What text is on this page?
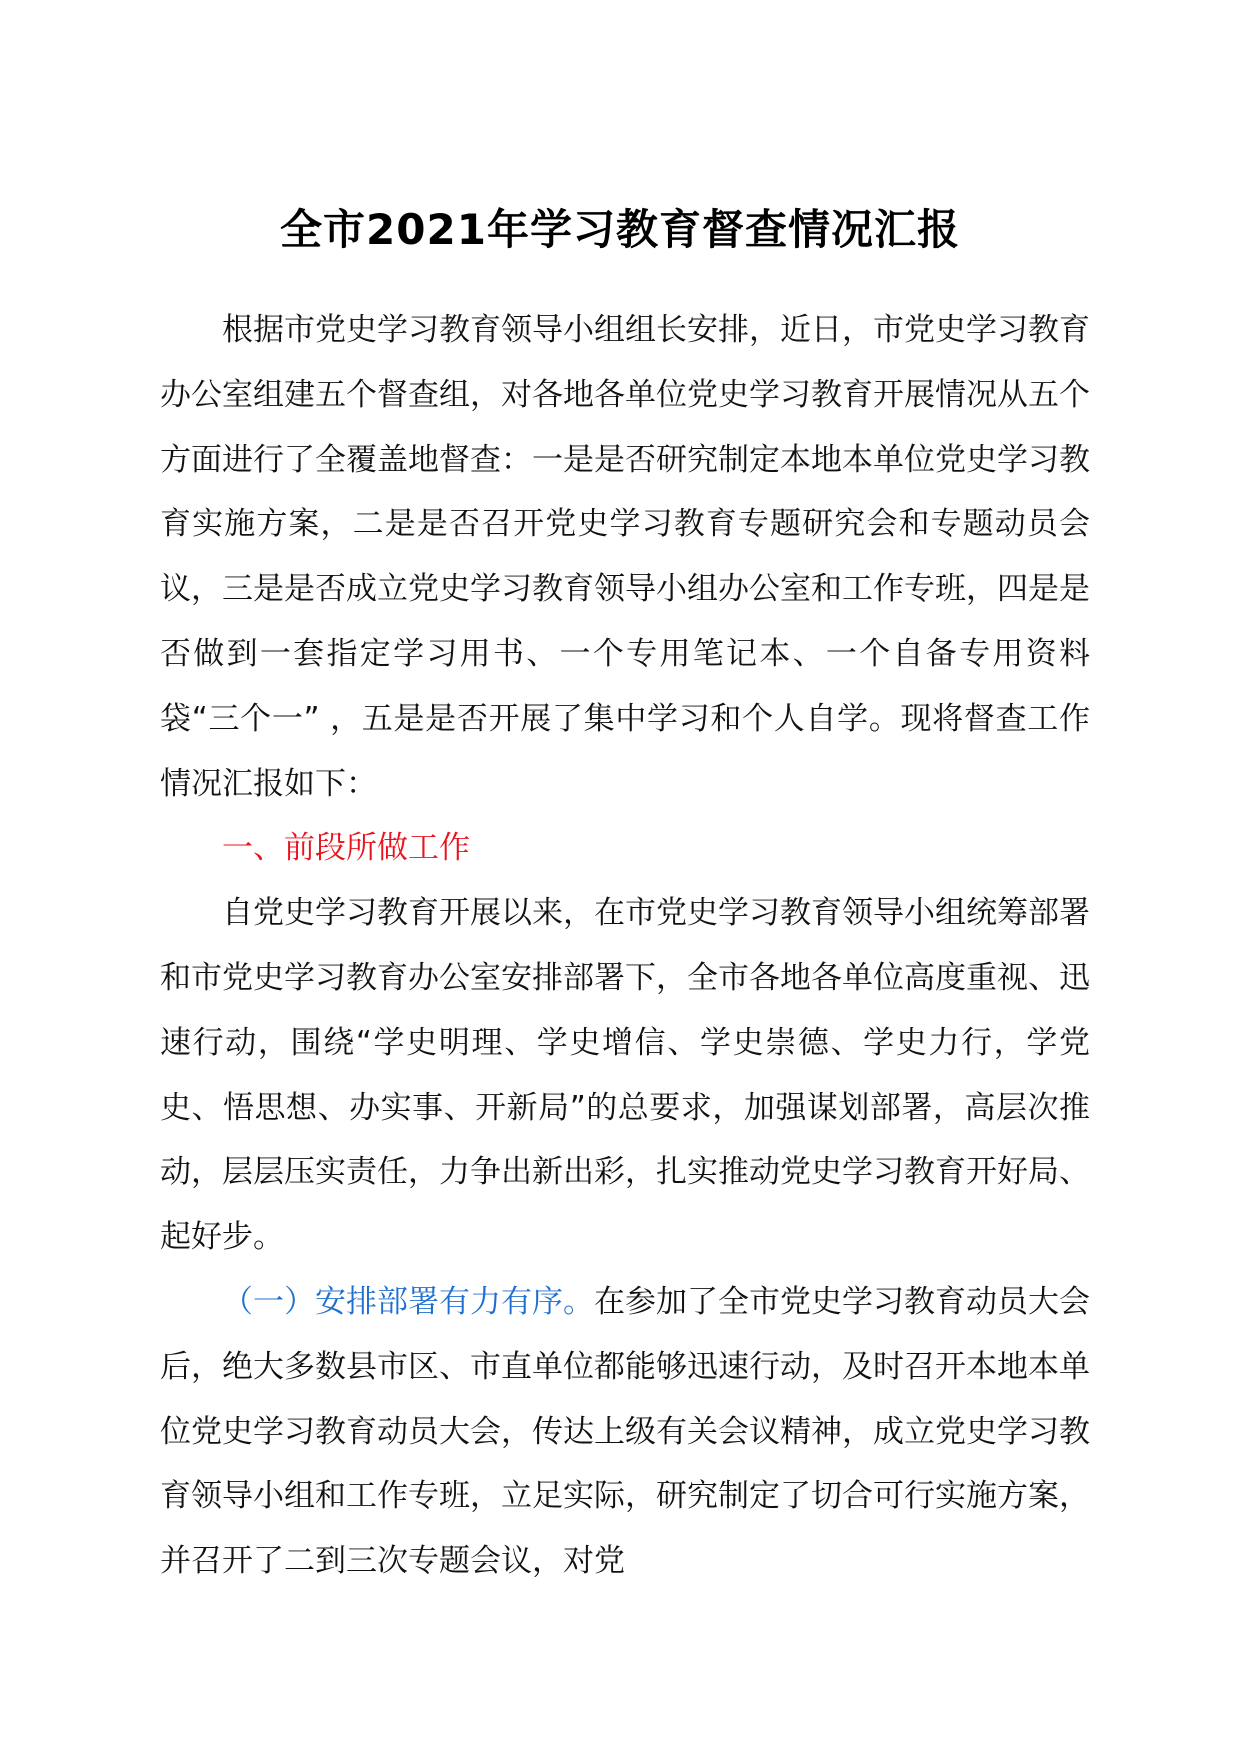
全市2021年学习教育督查情况汇报

根据市党史学习教育领导小组组长安排，近日，市党史学习教育办公室组建五个督查组，对各地各单位党史学习教育开展情况从五个方面进行了全覆盖地督查：一是是否研究制定本地本单位党史学习教育实施方案，二是是否召开党史学习教育专题研究会和专题动员会议，三是是否成立党史学习教育领导小组办公室和工作专班，四是是否做到一套指定学习用书、一个专用笔记本、一个自备专用资料袋“三个一” ，五是是否开展了集中学习和个人自学。现将督查工作情况汇报如下：

一、前段所做工作

自党史学习教育开展以来，在市党史学习教育领导小组统筹部署和市党史学习教育办公室安排部署下，全市各地各单位高度重视、迅速行动，围绕“学史明理、学史增信、学史崇德、学史力行，学党史、悟思想、办实事、开新局”的总要求，加强谋划部署，高层次推动，层层压实责任，力争出新出彩，扎实推动党史学习教育开好局、起好步。

（一）安排部署有力有序。在参加了全市党史学习教育动员大会后，绝大多数县市区、市直单位都能够迅速行动，及时召开本地本单位党史学习教育动员大会，传达上级有关会议精神，成立党史学习教育领导小组和工作专班，立足实际，研究制定了切合可行实施方案，并召开了二到三次专题会议，对党
